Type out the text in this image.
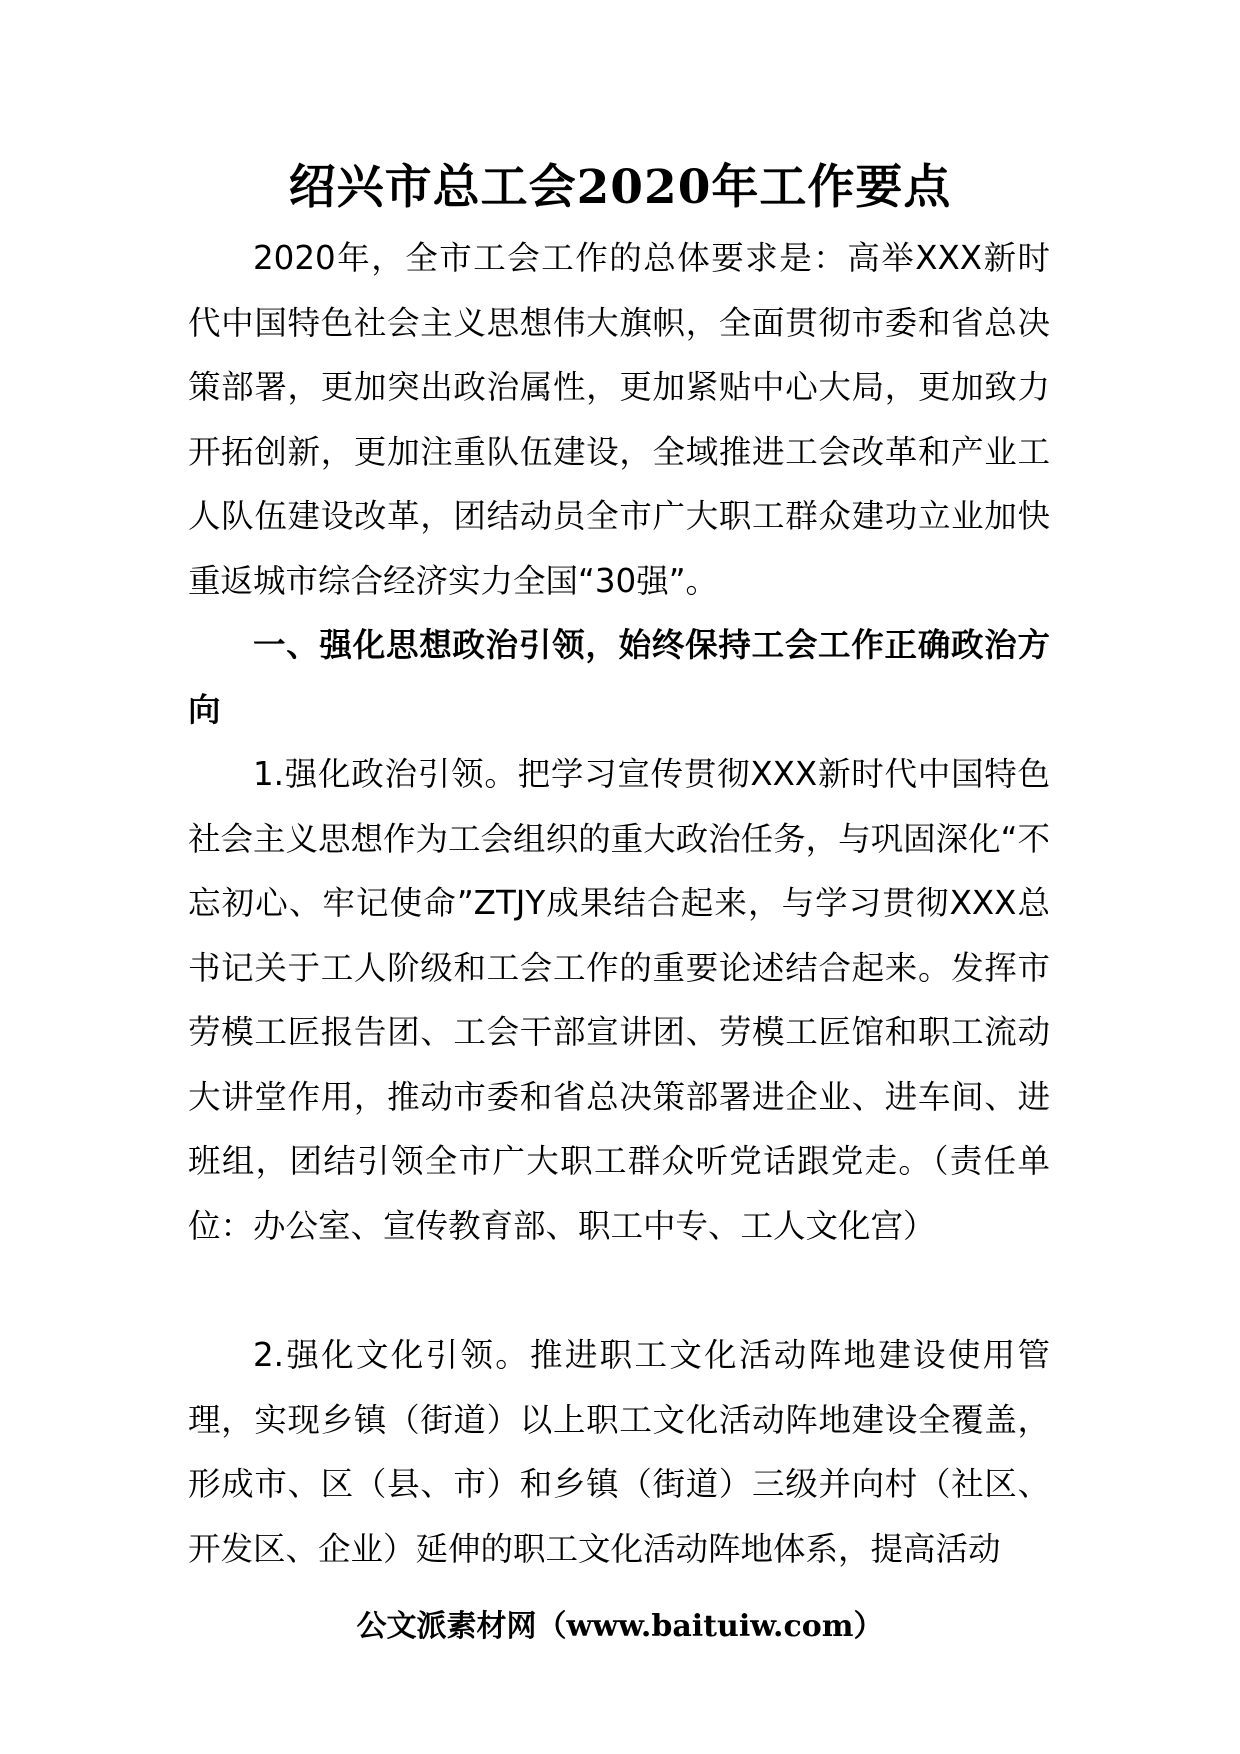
绍兴市总工会2020年工作要点

2020年，全市工会工作的总体要求是：高举XXX新时代中国特色社会主义思想伟大旗帜，全面贯彻市委和省总决策部署，更加突出政治属性，更加紧贴中心大局，更加致力开拓创新，更加注重队伍建设，全域推进工会改革和产业工人队伍建设改革，团结动员全市广大职工群众建功立业加快重返城市综合经济实力全国“30强”。

一、强化思想政治引领，始终保持工会工作正确政治方向

1.强化政治引领。把学习宣传贯彻XXX新时代中国特色社会主义思想作为工会组织的重大政治任务，与巩固深化“不忘初心、牢记使命”ZTJY成果结合起来，与学习贯彻XXX总书记关于工人阶级和工会工作的重要论述结合起来。发挥市劳模工匠报告团、工会干部宣讲团、劳模工匠馆和职工流动大讲堂作用，推动市委和省总决策部署进企业、进车间、进班组，团结引领全市广大职工群众听党话跟党走。（责任单位：办公室、宣传教育部、职工中专、工人文化宫）

2.强化文化引领。推进职工文化活动阵地建设使用管理，实现乡镇（街道）以上职工文化活动阵地建设全覆盖，形成市、区（县、市）和乡镇（街道）三级并向村（社区、开发区、企业）延伸的职工文化活动阵地体系，提高活动

公文派素材网（www.baituiw.com）
